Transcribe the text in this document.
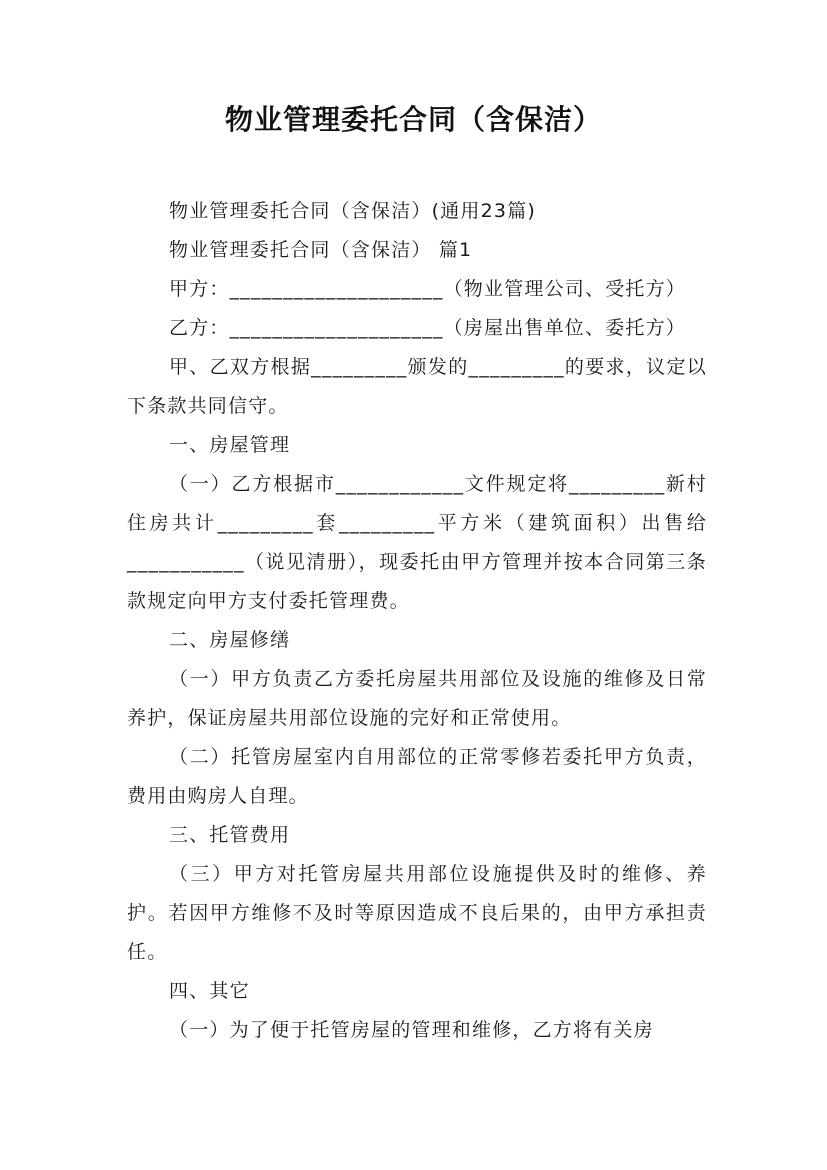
物业管理委托合同（含保洁）

物业管理委托合同（含保洁）(通用23篇)

物业管理委托合同（含保洁） 篇1

甲方：____________________（物业管理公司、受托方）

乙方：____________________（房屋出售单位、委托方）

甲、乙双方根据_________颁发的_________的要求，议定以下条款共同信守。

一、房屋管理

（一）乙方根据市____________文件规定将_________新村住房共计_________套_________平方米（建筑面积）出售给___________（说见清册），现委托由甲方管理并按本合同第三条款规定向甲方支付委托管理费。

二、房屋修缮

（一）甲方负责乙方委托房屋共用部位及设施的维修及日常养护，保证房屋共用部位设施的完好和正常使用。

（二）托管房屋室内自用部位的正常零修若委托甲方负责，费用由购房人自理。

三、托管费用

（三）甲方对托管房屋共用部位设施提供及时的维修、养护。若因甲方维修不及时等原因造成不良后果的，由甲方承担责任。

四、其它

（一）为了便于托管房屋的管理和维修，乙方将有关房
